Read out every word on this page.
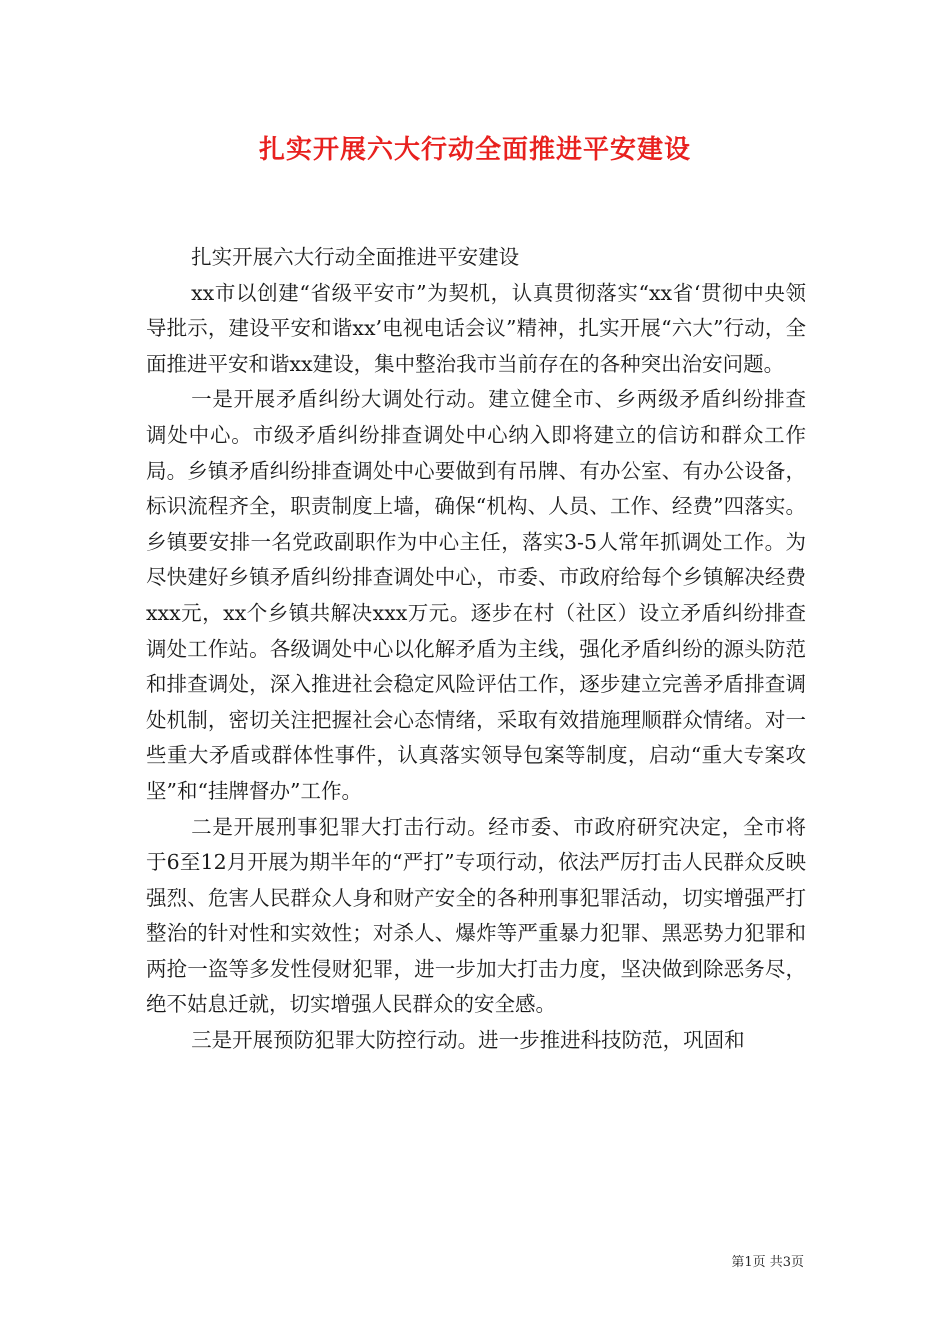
扎实开展六大行动全面推进平安建设

扎实开展六大行动全面推进平安建设

xx市以创建“省级平安市”为契机，认真贯彻落实“xx省‘贯彻中央领导批示，建设平安和谐xx’电视电话会议”精神，扎实开展“六大”行动，全面推进平安和谐xx建设，集中整治我市当前存在的各种突出治安问题。

一是开展矛盾纠纷大调处行动。建立健全市、乡两级矛盾纠纷排查调处中心。市级矛盾纠纷排查调处中心纳入即将建立的信访和群众工作局。乡镇矛盾纠纷排查调处中心要做到有吊牌、有办公室、有办公设备，标识流程齐全，职责制度上墙，确保“机构、人员、工作、经费”四落实。乡镇要安排一名党政副职作为中心主任，落实3-5人常年抓调处工作。为尽快建好乡镇矛盾纠纷排查调处中心，市委、市政府给每个乡镇解决经费xxx元，xx个乡镇共解决xxx万元。逐步在村（社区）设立矛盾纠纷排查调处工作站。各级调处中心以化解矛盾为主线，强化矛盾纠纷的源头防范和排查调处，深入推进社会稳定风险评估工作，逐步建立完善矛盾排查调处机制，密切关注把握社会心态情绪，采取有效措施理顺群众情绪。对一些重大矛盾或群体性事件，认真落实领导包案等制度，启动“重大专案攻坚”和“挂牌督办”工作。

二是开展刑事犯罪大打击行动。经市委、市政府研究决定，全市将于6至12月开展为期半年的“严打”专项行动，依法严厉打击人民群众反映强烈、危害人民群众人身和财产安全的各种刑事犯罪活动，切实增强严打整治的针对性和实效性；对杀人、爆炸等严重暴力犯罪、黑恶势力犯罪和两抢一盗等多发性侵财犯罪，进一步加大打击力度，坚决做到除恶务尽，绝不姑息迁就，切实增强人民群众的安全感。

三是开展预防犯罪大防控行动。进一步推进科技防范，巩固和

第1页 共3页
